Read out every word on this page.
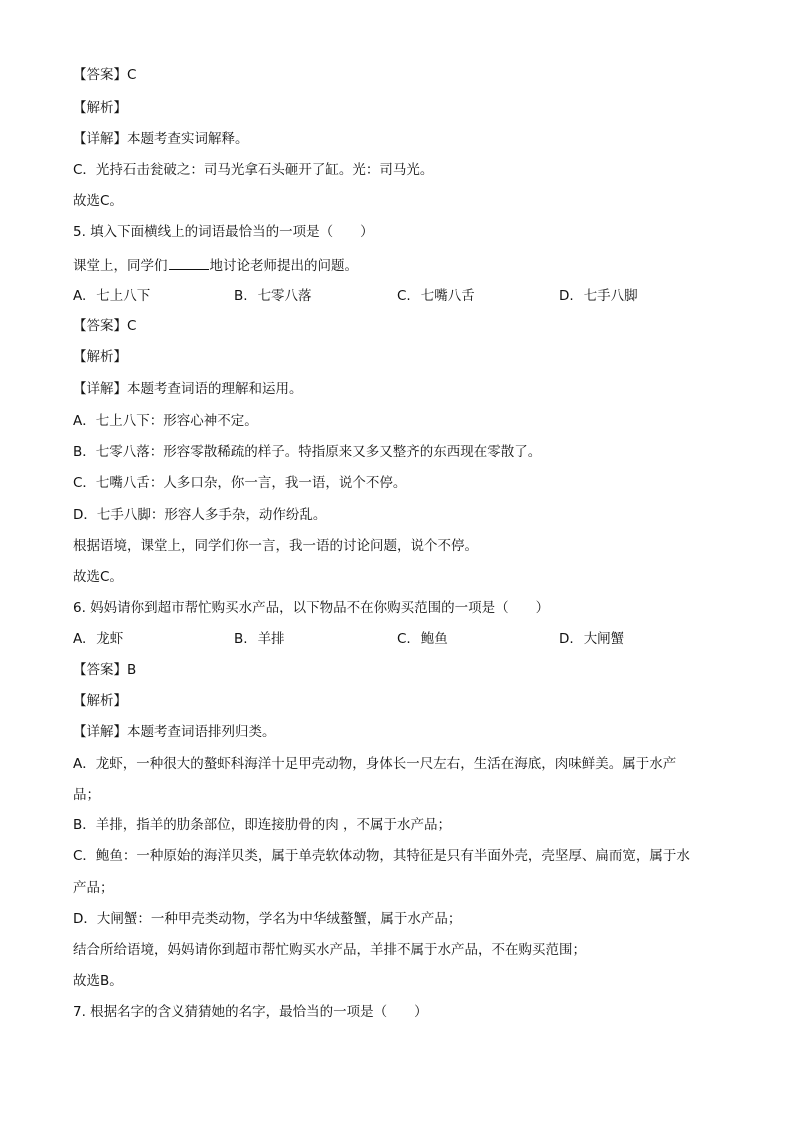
【答案】C
【解析】
【详解】本题考查实词解释。
C．光持石击瓮破之：司马光拿石头砸开了缸。光：司马光。
故选C。
5. 填入下面横线上的词语最恰当的一项是（　　）
课堂上，同学们	地讨论老师提出的问题。
A. 七上八下	B. 七零八落	C. 七嘴八舌	D. 七手八脚
【答案】C
【解析】
【详解】本题考查词语的理解和运用。
A．七上八下：形容心神不定。
B．七零八落：形容零散稀疏的样子。特指原来又多又整齐的东西现在零散了。
C．七嘴八舌：人多口杂，你一言，我一语，说个不停。
D．七手八脚：形容人多手杂，动作纷乱。
根据语境，课堂上，同学们你一言，我一语的讨论问题，说个不停。
故选C。
6. 妈妈请你到超市帮忙购买水产品，以下物品不在你购买范围的一项是（　　）
A. 龙虾	B. 羊排	C. 鲍鱼	D. 大闸蟹
【答案】B
【解析】
【详解】本题考查词语排列归类。
A．龙虾，一种很大的螯虾科海洋十足甲壳动物，身体长一尺左右，生活在海底，肉味鲜美。属于水产
品；
B．羊排，指羊的肋条部位，即连接肋骨的肉 ，不属于水产品；
C．鲍鱼：一种原始的海洋贝类，属于单壳软体动物，其特征是只有半面外壳，壳坚厚、扁而宽，属于水
产品；
D．大闸蟹：一种甲壳类动物，学名为中华绒螯蟹，属于水产品；
结合所给语境，妈妈请你到超市帮忙购买水产品，羊排不属于水产品，不在购买范围；
故选B。
7. 根据名字的含义猜猜她的名字，最恰当的一项是（　　）
